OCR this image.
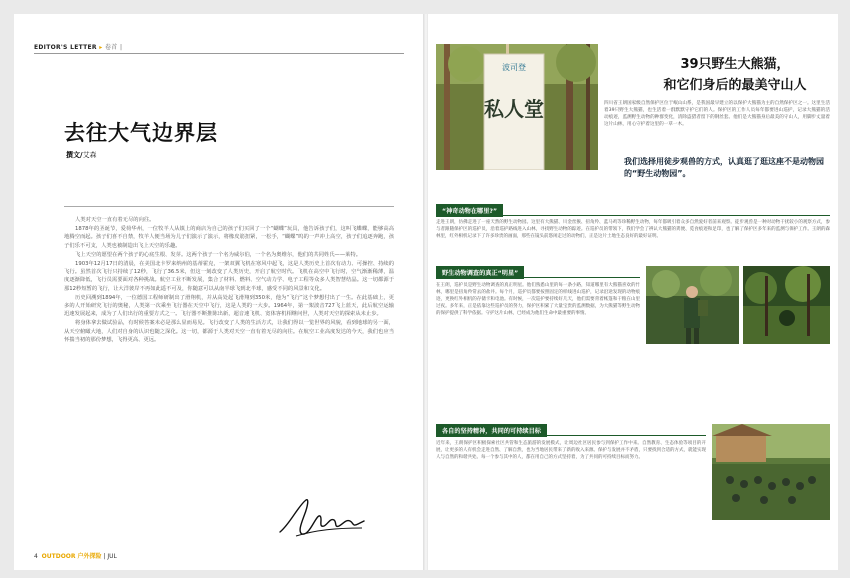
EDITOR'S LETTER ▸ 卷首 |
去往大气边界层
撰文/艾森

人类对天空一直有着无尽的向往。

1878年的圣诞节，爱荷华州，一位牧羊人从镇上的商店为自己的孩子们买回了一个“蝴蝶”玩具，他告诉孩子们，这叫飞蝶蝶，能够高高地腾空而起。孩子们喜不自禁，牧羊人便当场为儿子们演示了演示，将橡皮筋扭紧，一松手，“蝴蝶”呜的一声冲上高空，孩子们追逐奔跑，孩子们乐不可支，人类也被制造出飞上天空的乐趣。

飞上天空的愿望在两个孩子的心底生根、发芽。这两个孩子一个名为威尔伯，一个名为奥维尔，他们的共同姓氏——莱特。

1903年12月17日的清晨，在美国北卡罗来纳州的基蒂霍克，一架双翼飞机在寒风中起飞，这是人类历史上首次有动力、可操控、持续的飞行。虽然首次飞行只持续了12秒，飞行了36.5米，但这一刻改变了人类历史，开启了航空时代。飞机在高空中飞行时，空气渐渐稀薄，温度逐渐降低，飞行员需要面对各种挑战。航空工业不断发展，集合了材料、燃料、空气动力学、电子工程等众多人类智慧结晶。这一切都源于那12秒短暂的飞行，让大洋彼岸不再如此遥不可及，你随意可以从南半球飞到北半球，感受不同的风景和文化。

历史回溯到1894年，一位德国工程师研制出了滑翔机，并从高处起飞滑翔到350米，他为“飞行”这个梦想付出了一生。在此基础上，更多的人开始研究飞行的奥秘，人类第一次乘坐飞行器在天空中飞行，这是人类的一大步。1964年，第一架波音727飞上蓝天，此后航空运输迅速发展起来，成为了人们出行的重要方式之一。飞行器不断推陈出新，超音速飞机、宽体客机相继问世，人类对天空的探索从未止步。

将身体拿去做试验品，有时候答案未必是那么显而易见。飞行改变了人类的生活方式，让我们得以一览世界的风貌，看到地球的另一面，从天空俯瞰大地，人们对自身的认识也随之深化。这一切，都源于人类对天空一直有着无尽的向往。在航空工业高度发达的今天，我们也应当怀揣当初的那份梦想，飞得更高、更远。

4 OUTDOOR 户外探险 | JUL
波司登
私人堂
39只野生大熊猫，
和它们身后的最美守山人
四川省王朗国家级自然保护区位于岷山山系，是我国最早建立的以保护大熊猫为主的自然保护区之一。这里生活着39只野生大熊猫，也生活着一群默默守护它们的人。保护区的工作人员每年都要进山巡护，记录大熊猫的活动痕迹，监测野生动物的种群变化，清除盗猎者留下的钢丝套。他们是大熊猫身后最美的守山人，用脚步丈量着这片山林，用心守护着这里的一草一木。
我们选择用徒步观兽的方式，认真逛了逛这座不是动物园的“野生动物园”。
“神奇动物在哪里?”
走进王朗，仿佛走进了一座天然的野生动物园。这里有大熊猫、川金丝猴、扭角羚、蓝马鸡等珍稀野生动物，每年都吸引着众多自然爱好者前来观察。徒步观兽是一种对动物干扰较小的观察方式，参与者跟随保护区的巡护员，沿着巡护路线进入山林，寻找野生动物的踪迹。在巡护员的带领下，我们学会了辨认大熊猫的粪便、觅食痕迹和足印，也了解了保护区多年来的监测与保护工作。王朗的森林里，红外相机记录下了许多珍贵的画面，那些在镜头前悠闲走过的动物们，正是这片土地生态良好的最好证明。
野生动物调查的真正“明星”
在王朗，巡护员是野生动物调查的真正明星。他们熟悉山里的每一条小路，知道哪里有大熊猫喜欢的竹林，哪里是扭角羚常去的盐井。每个月，巡护员都要按照固定的样线进山巡护，记录沿途发现的动物痕迹，更换红外相机的存储卡和电池。有时候，一次巡护要持续好几天，他们需要背着帐篷和干粮在山里过夜。多年来，正是依靠这些巡护员的努力，保护区积累了大量宝贵的监测数据，为大熊猫等野生动物的保护提供了科学依据。守护这片山林，已经成为他们生命中最重要的事情。
各自的坚持精神，共同的可持续目标
近年来，王朗保护区积极探索社区共管和生态旅游的发展模式，让周边社区居民参与到保护工作中来。自然教育、生态体验等项目的开展，让更多的人有机会走进自然、了解自然，也为当地居民带来了新的收入来源。保护与发展并不矛盾，只要找到合适的方式，就能实现人与自然的和谐共处。每一个参与其中的人，都在用自己的方式坚持着，为了共同的可持续目标而努力。
